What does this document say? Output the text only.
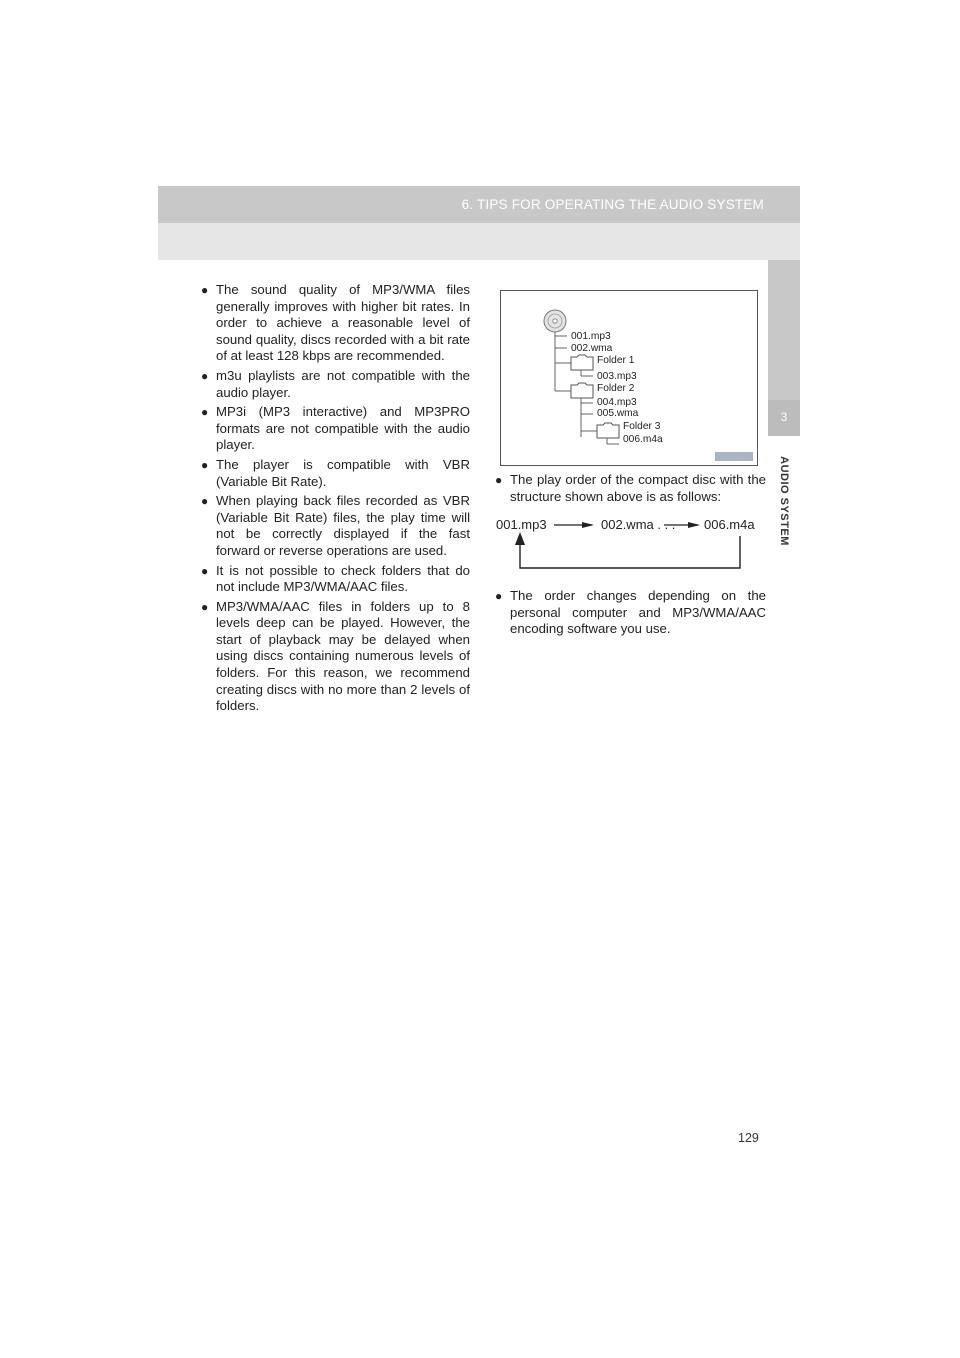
6. TIPS FOR OPERATING THE AUDIO SYSTEM
3
AUDIO SYSTEM
● The sound quality of MP3/WMA files generally improves with higher bit rates. In order to achieve a reasonable level of sound quality, discs recorded with a bit rate of at least 128 kbps are recommended.
● m3u playlists are not compatible with the audio player.
● MP3i (MP3 interactive) and MP3PRO formats are not compatible with the audio player.
● The player is compatible with VBR (Variable Bit Rate).
● When playing back files recorded as VBR (Variable Bit Rate) files, the play time will not be correctly displayed if the fast forward or reverse operations are used.
● It is not possible to check folders that do not include MP3/WMA/AAC files.
● MP3/WMA/AAC files in folders up to 8 levels deep can be played. However, the start of playback may be delayed when using discs containing numerous levels of folders. For this reason, we recommend creating discs with no more than 2 levels of folders.
001.mp3
002.wma
Folder 1
003.mp3
Folder 2
004.mp3
005.wma
Folder 3
006.m4a
● The play order of the compact disc with the structure shown above is as follows:
001.mp3	002.wma . . . 006.m4a
● The order changes depending on the personal computer and MP3/WMA/AAC encoding software you use.
129
